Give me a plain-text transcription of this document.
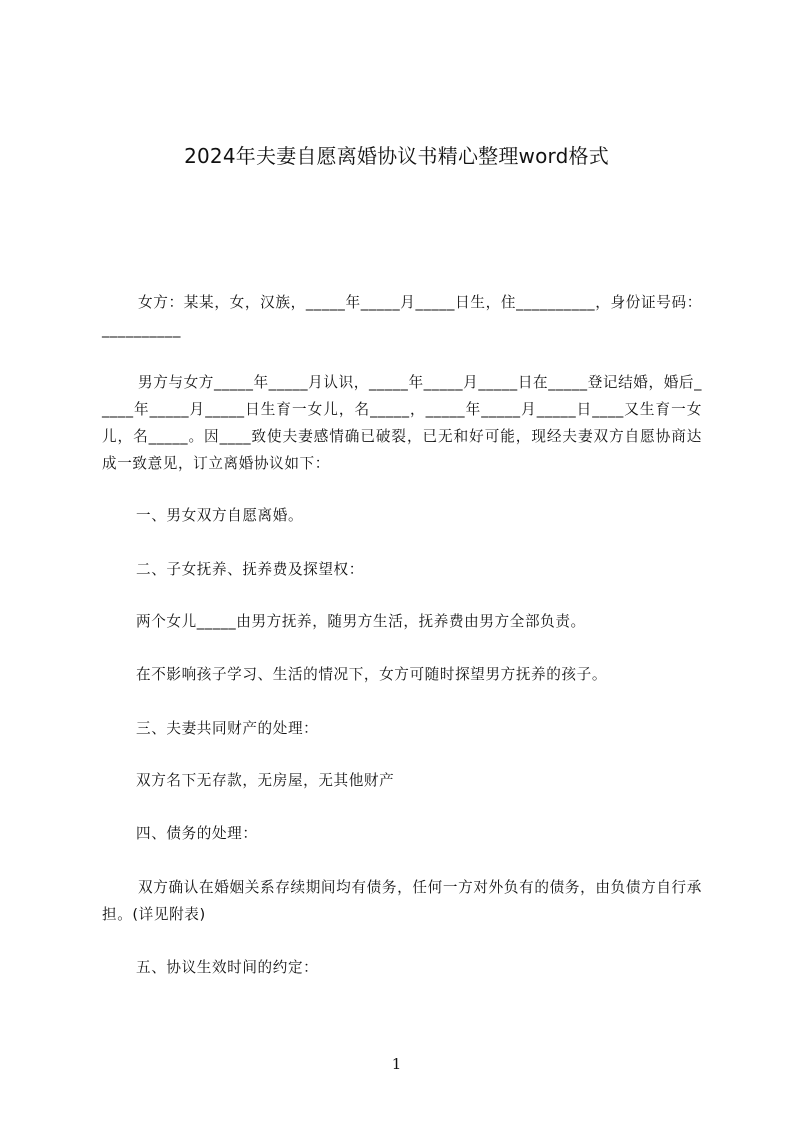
2024年夫妻自愿离婚协议书精心整理word格式
女方：某某，女，汉族，_____年_____月_____日生，住__________，身份证号码：__________
男方与女方_____年_____月认识，_____年_____月_____日在_____登记结婚，婚后_____年_____月_____日生育一女儿，名_____，_____年_____月_____日____又生育一女儿，名_____。因____致使夫妻感情确已破裂，已无和好可能，现经夫妻双方自愿协商达成一致意见，订立离婚协议如下：
一、男女双方自愿离婚。
二、子女抚养、抚养费及探望权：
两个女儿_____由男方抚养，随男方生活，抚养费由男方全部负责。
在不影响孩子学习、生活的情况下，女方可随时探望男方抚养的孩子。
三、夫妻共同财产的处理：
双方名下无存款，无房屋，无其他财产
四、债务的处理：
双方确认在婚姻关系存续期间均有债务，任何一方对外负有的债务，由负债方自行承担。(详见附表)
五、协议生效时间的约定：
1
